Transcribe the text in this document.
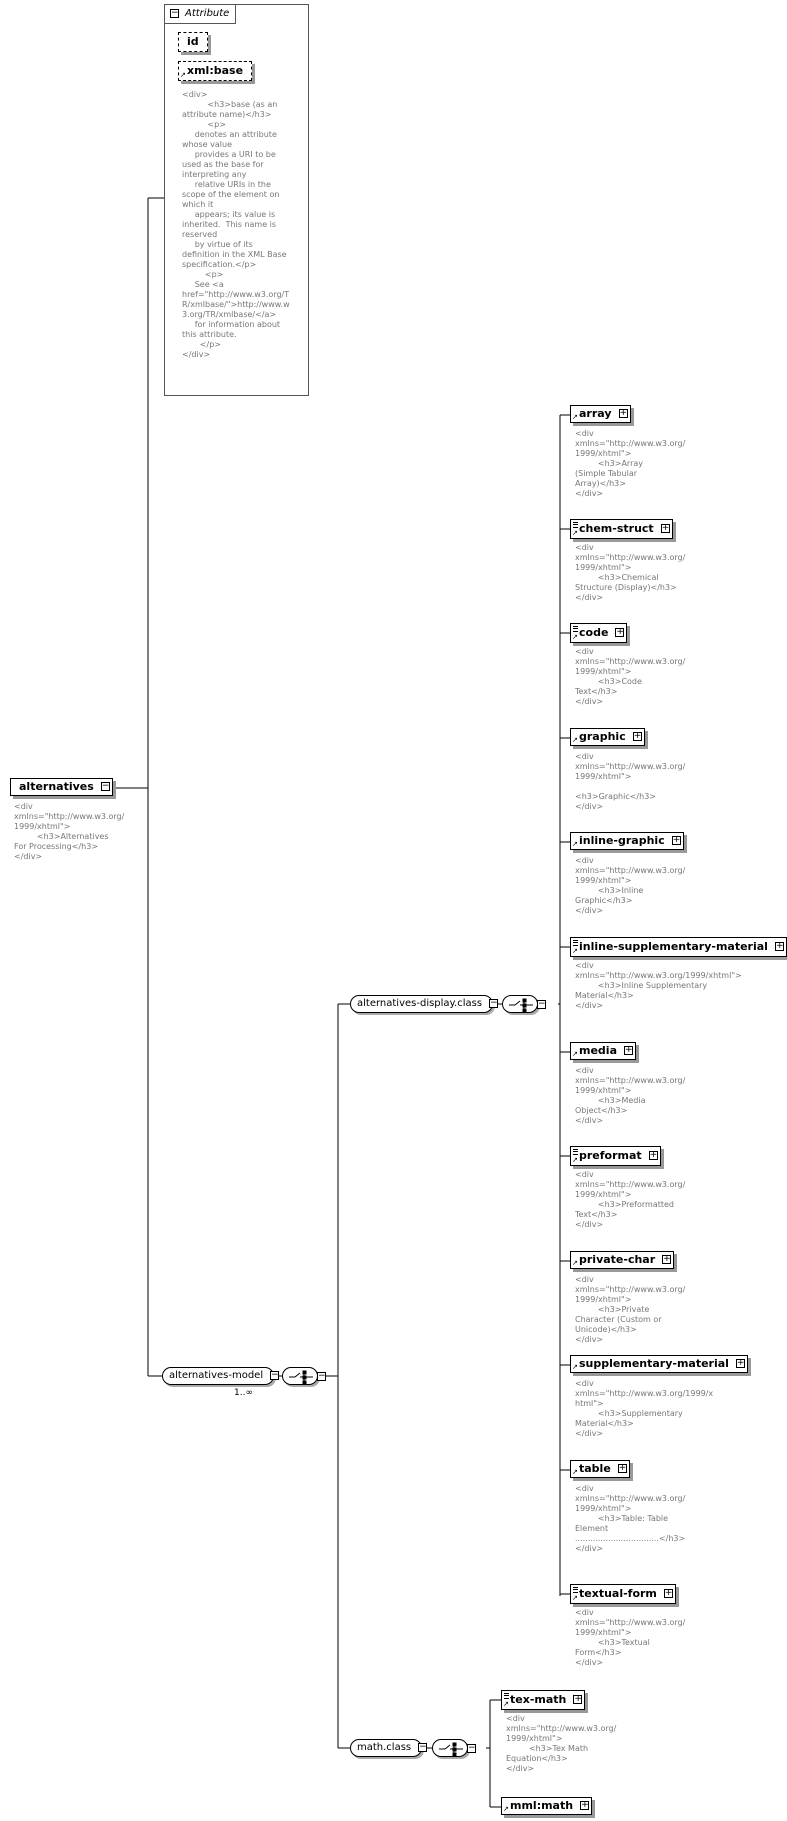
− Attribute
id
↗ xml:base
<div>
<h3>base (as an
attribute name)</h3>
<p>
denotes an attribute
whose value
provides a URI to be
used as the base for
interpreting any
relative URIs in the
scope of the element on
which it
appears; its value is
inherited.  This name is
reserved
by virtue of its
definition in the XML Base
specification.</p>
<p>
See <a
href="http://www.w3.org/T
R/xmlbase/">http://www.w
3.org/TR/xmlbase/</a>
for information about
this attribute.
</p>
</div>
alternatives −
<div
xmlns="http://www.w3.org/
1999/xhtml">
<h3>Alternatives
For Processing</h3>
</div>
alternatives-model −
1..∞
−
alternatives-display.class −	−
math.class −	−
↗ array +
<div
xmlns="http://www.w3.org/
1999/xhtml">
<h3>Array
(Simple Tabular
Array)</h3>
</div>
↗ chem-struct +
<div
xmlns="http://www.w3.org/
1999/xhtml">
<h3>Chemical
Structure (Display)</h3>
</div>
↗ code +
<div
xmlns="http://www.w3.org/
1999/xhtml">
<h3>Code
Text</h3>
</div>
↗ graphic +
<div
xmlns="http://www.w3.org/
1999/xhtml">

<h3>Graphic</h3>
</div>
↗ inline-graphic +
<div
xmlns="http://www.w3.org/
1999/xhtml">
<h3>Inline
Graphic</h3>
</div>
↗ inline-supplementary-material +
<div
xmlns="http://www.w3.org/1999/xhtml">
<h3>Inline Supplementary
Material</h3>
</div>
↗ media +
<div
xmlns="http://www.w3.org/
1999/xhtml">
<h3>Media
Object</h3>
</div>
↗ preformat +
<div
xmlns="http://www.w3.org/
1999/xhtml">
<h3>Preformatted
Text</h3>
</div>
↗ private-char +
<div
xmlns="http://www.w3.org/
1999/xhtml">
<h3>Private
Character (Custom or
Unicode)</h3>
</div>
↗ supplementary-material +
<div
xmlns="http://www.w3.org/1999/x
html">
<h3>Supplementary
Material</h3>
</div>
↗ table +
<div
xmlns="http://www.w3.org/
1999/xhtml">
<h3>Table: Table
Element
.................................</h3>
</div>
↗ textual-form +
<div
xmlns="http://www.w3.org/
1999/xhtml">
<h3>Textual
Form</h3>
</div>
↗ tex-math +
<div
xmlns="http://www.w3.org/
1999/xhtml">
<h3>Tex Math
Equation</h3>
</div>
↗ mml:math +
